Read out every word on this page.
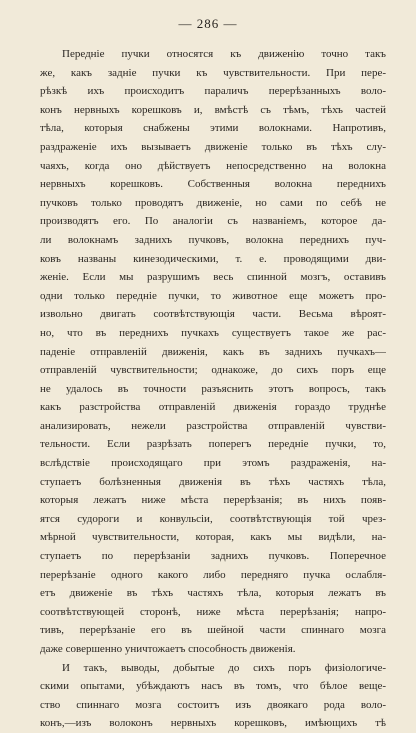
— 286 —
Передніе пучки относятся къ движенію точно такъ
же, какъ задніе пучки къ чувствительности. При пере-
рѣзкѣ ихъ происходитъ параличъ перерѣзанныхъ воло-
конъ нервныхъ корешковъ и, вмѣстѣ съ тѣмъ, тѣхъ частей
тѣла, которыя снабжены этими волокнами. Напротивъ,
раздраженіе ихъ вызываетъ движеніе только въ тѣхъ слу-
чаяхъ, когда оно дѣйствуетъ непосредственно на волокна
нервныхъ корешковъ. Собственныя волокна переднихъ
пучковъ только проводятъ движеніе, но сами по себѣ не
производятъ его. По аналогіи съ названіемъ, которое да-
ли волокнамъ заднихъ пучковъ, волокна переднихъ пуч-
ковъ названы кинезодическими, т. е. проводящими дви-
женіе. Если мы разрушимъ весь спинной мозгъ, оставивъ
одни только передніе пучки, то животное еще можетъ про-
извольно двигать соотвѣтствующія части. Весьма вѣроят-
но, что въ переднихъ пучкахъ существуетъ такое же рас-
паденіе отправленій движенія, какъ въ заднихъ пучкахъ—
отправленій чувствительности; однакоже, до сихъ поръ еще
не удалось въ точности разъяснить этотъ вопросъ, такъ
какъ разстройства отправленій движенія гораздо труднѣе
анализировать, нежели разстройства отправленій чувстви-
тельности. Если разрѣзать поперегъ передніе пучки, то,
вслѣдствіе происходящаго при этомъ раздраженія, на-
ступаетъ болѣзненныя движенія въ тѣхъ частяхъ тѣла,
которыя лежатъ ниже мѣста перерѣзанія; въ нихъ появ-
ятся судороги и конвульсіи, соотвѣтствующія той чрез-
мѣрной чувствительности, которая, какъ мы видѣли, на-
ступаетъ по перерѣзаніи заднихъ пучковъ. Поперечное
перерѣзаніе одного какого либо передняго пучка ослабля-
етъ движеніе въ тѣхъ частяхъ тѣла, которыя лежатъ въ
соотвѣтствующей сторонѣ, ниже мѣста перерѣзанія; напро-
тивъ, перерѣзаніе его въ шейной части спиннаго мозга
даже совершенно уничтожаетъ способность движенія.
И такъ, выводы, добытые до сихъ поръ физіологиче-
скими опытами, убѣждаютъ насъ въ томъ, что бѣлое веще-
ство спиннаго мозга состоитъ изъ двоякаго рода воло-
конъ,—изъ волоконъ нервныхъ корешковъ, имѣющихъ тѣ
